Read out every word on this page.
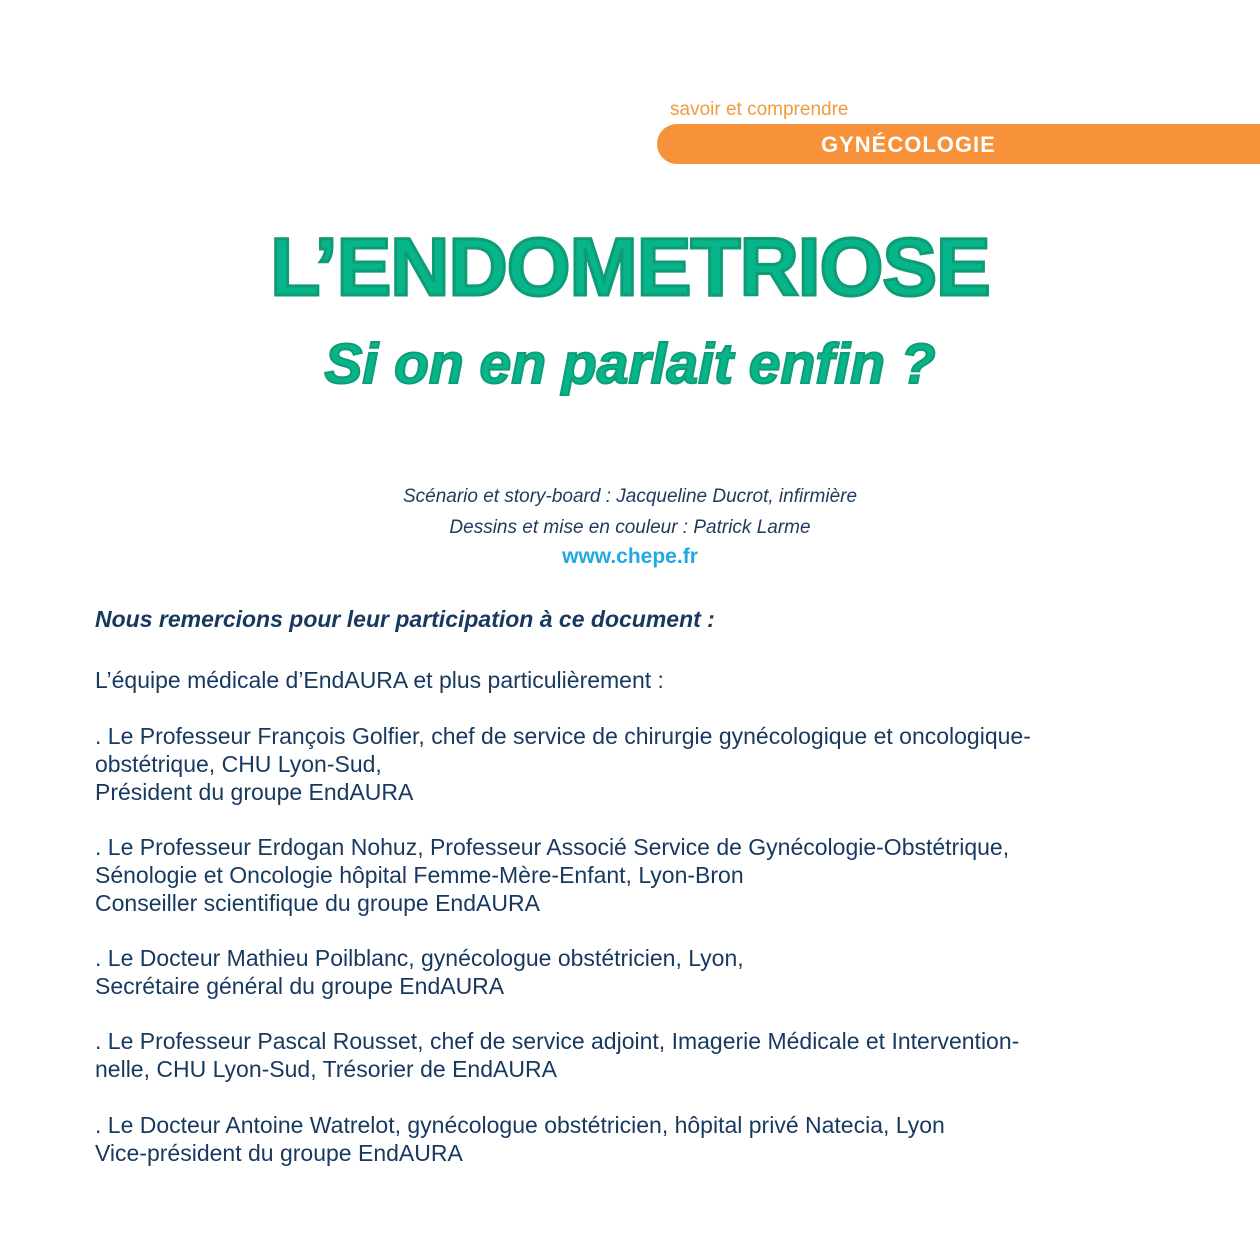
savoir et comprendre
GYNÉCOLOGIE
L’ENDOMETRIOSE
Si on en parlait enfin ?
Scénario et story-board : Jacqueline Ducrot, infirmière
Dessins et mise en couleur : Patrick Larme
www.chepe.fr
Nous remercions pour leur participation à ce document :
L’équipe médicale d’EndAURA et plus particulièrement :
. Le Professeur François Golfier, chef de service de chirurgie gynécologique et oncologique-
obstétrique, CHU Lyon-Sud,
Président du groupe EndAURA
. Le Professeur Erdogan Nohuz, Professeur Associé Service de Gynécologie-Obstétrique,
Sénologie et Oncologie hôpital Femme-Mère-Enfant, Lyon-Bron
Conseiller scientifique du groupe EndAURA
. Le Docteur Mathieu Poilblanc, gynécologue obstétricien, Lyon,
Secrétaire général du groupe EndAURA
. Le Professeur Pascal Rousset, chef de service adjoint, Imagerie Médicale et Intervention-
nelle, CHU Lyon-Sud, Trésorier de EndAURA
. Le Docteur Antoine Watrelot, gynécologue obstétricien, hôpital privé Natecia, Lyon
Vice-président du groupe EndAURA
